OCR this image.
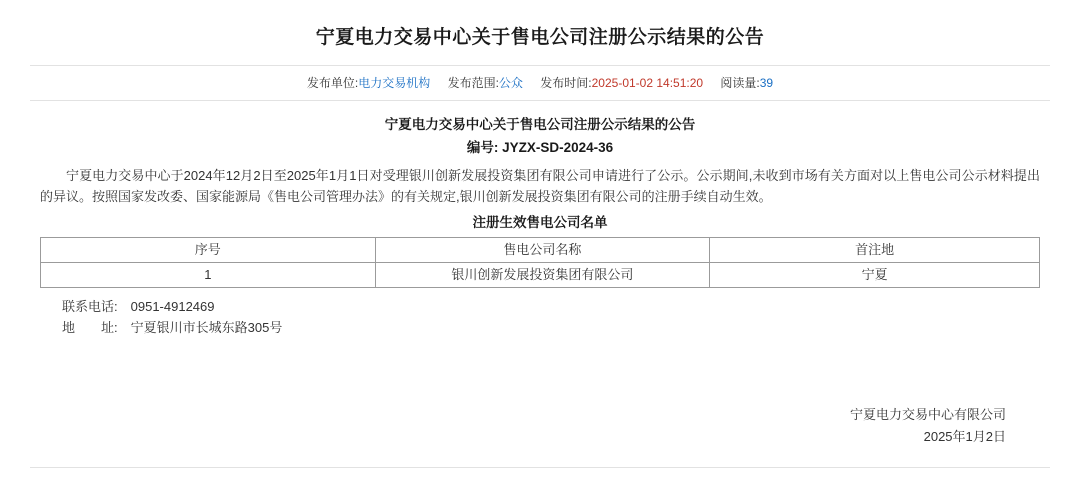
宁夏电力交易中心关于售电公司注册公示结果的公告
发布单位:电力交易机构 发布范围:公众 发布时间:2025-01-02 14:51:20 阅读量:39
宁夏电力交易中心关于售电公司注册公示结果的公告
编号: JYZX-SD-2024-36
宁夏电力交易中心于2024年12月2日至2025年1月1日对受理银川创新发展投资集团有限公司申请进行了公示。公示期间,未收到市场有关方面对以上售电公司公示材料提出的异议。按照国家发改委、国家能源局《售电公司管理办法》的有关规定,银川创新发展投资集团有限公司的注册手续自动生效。
注册生效售电公司名单
序号	售电公司名称	首注地
1	银川创新发展投资集团有限公司	宁夏
联系电话:　 0951-4912469
地　　址:　 宁夏银川市长城东路305号
宁夏电力交易中心有限公司
2025年1月2日
